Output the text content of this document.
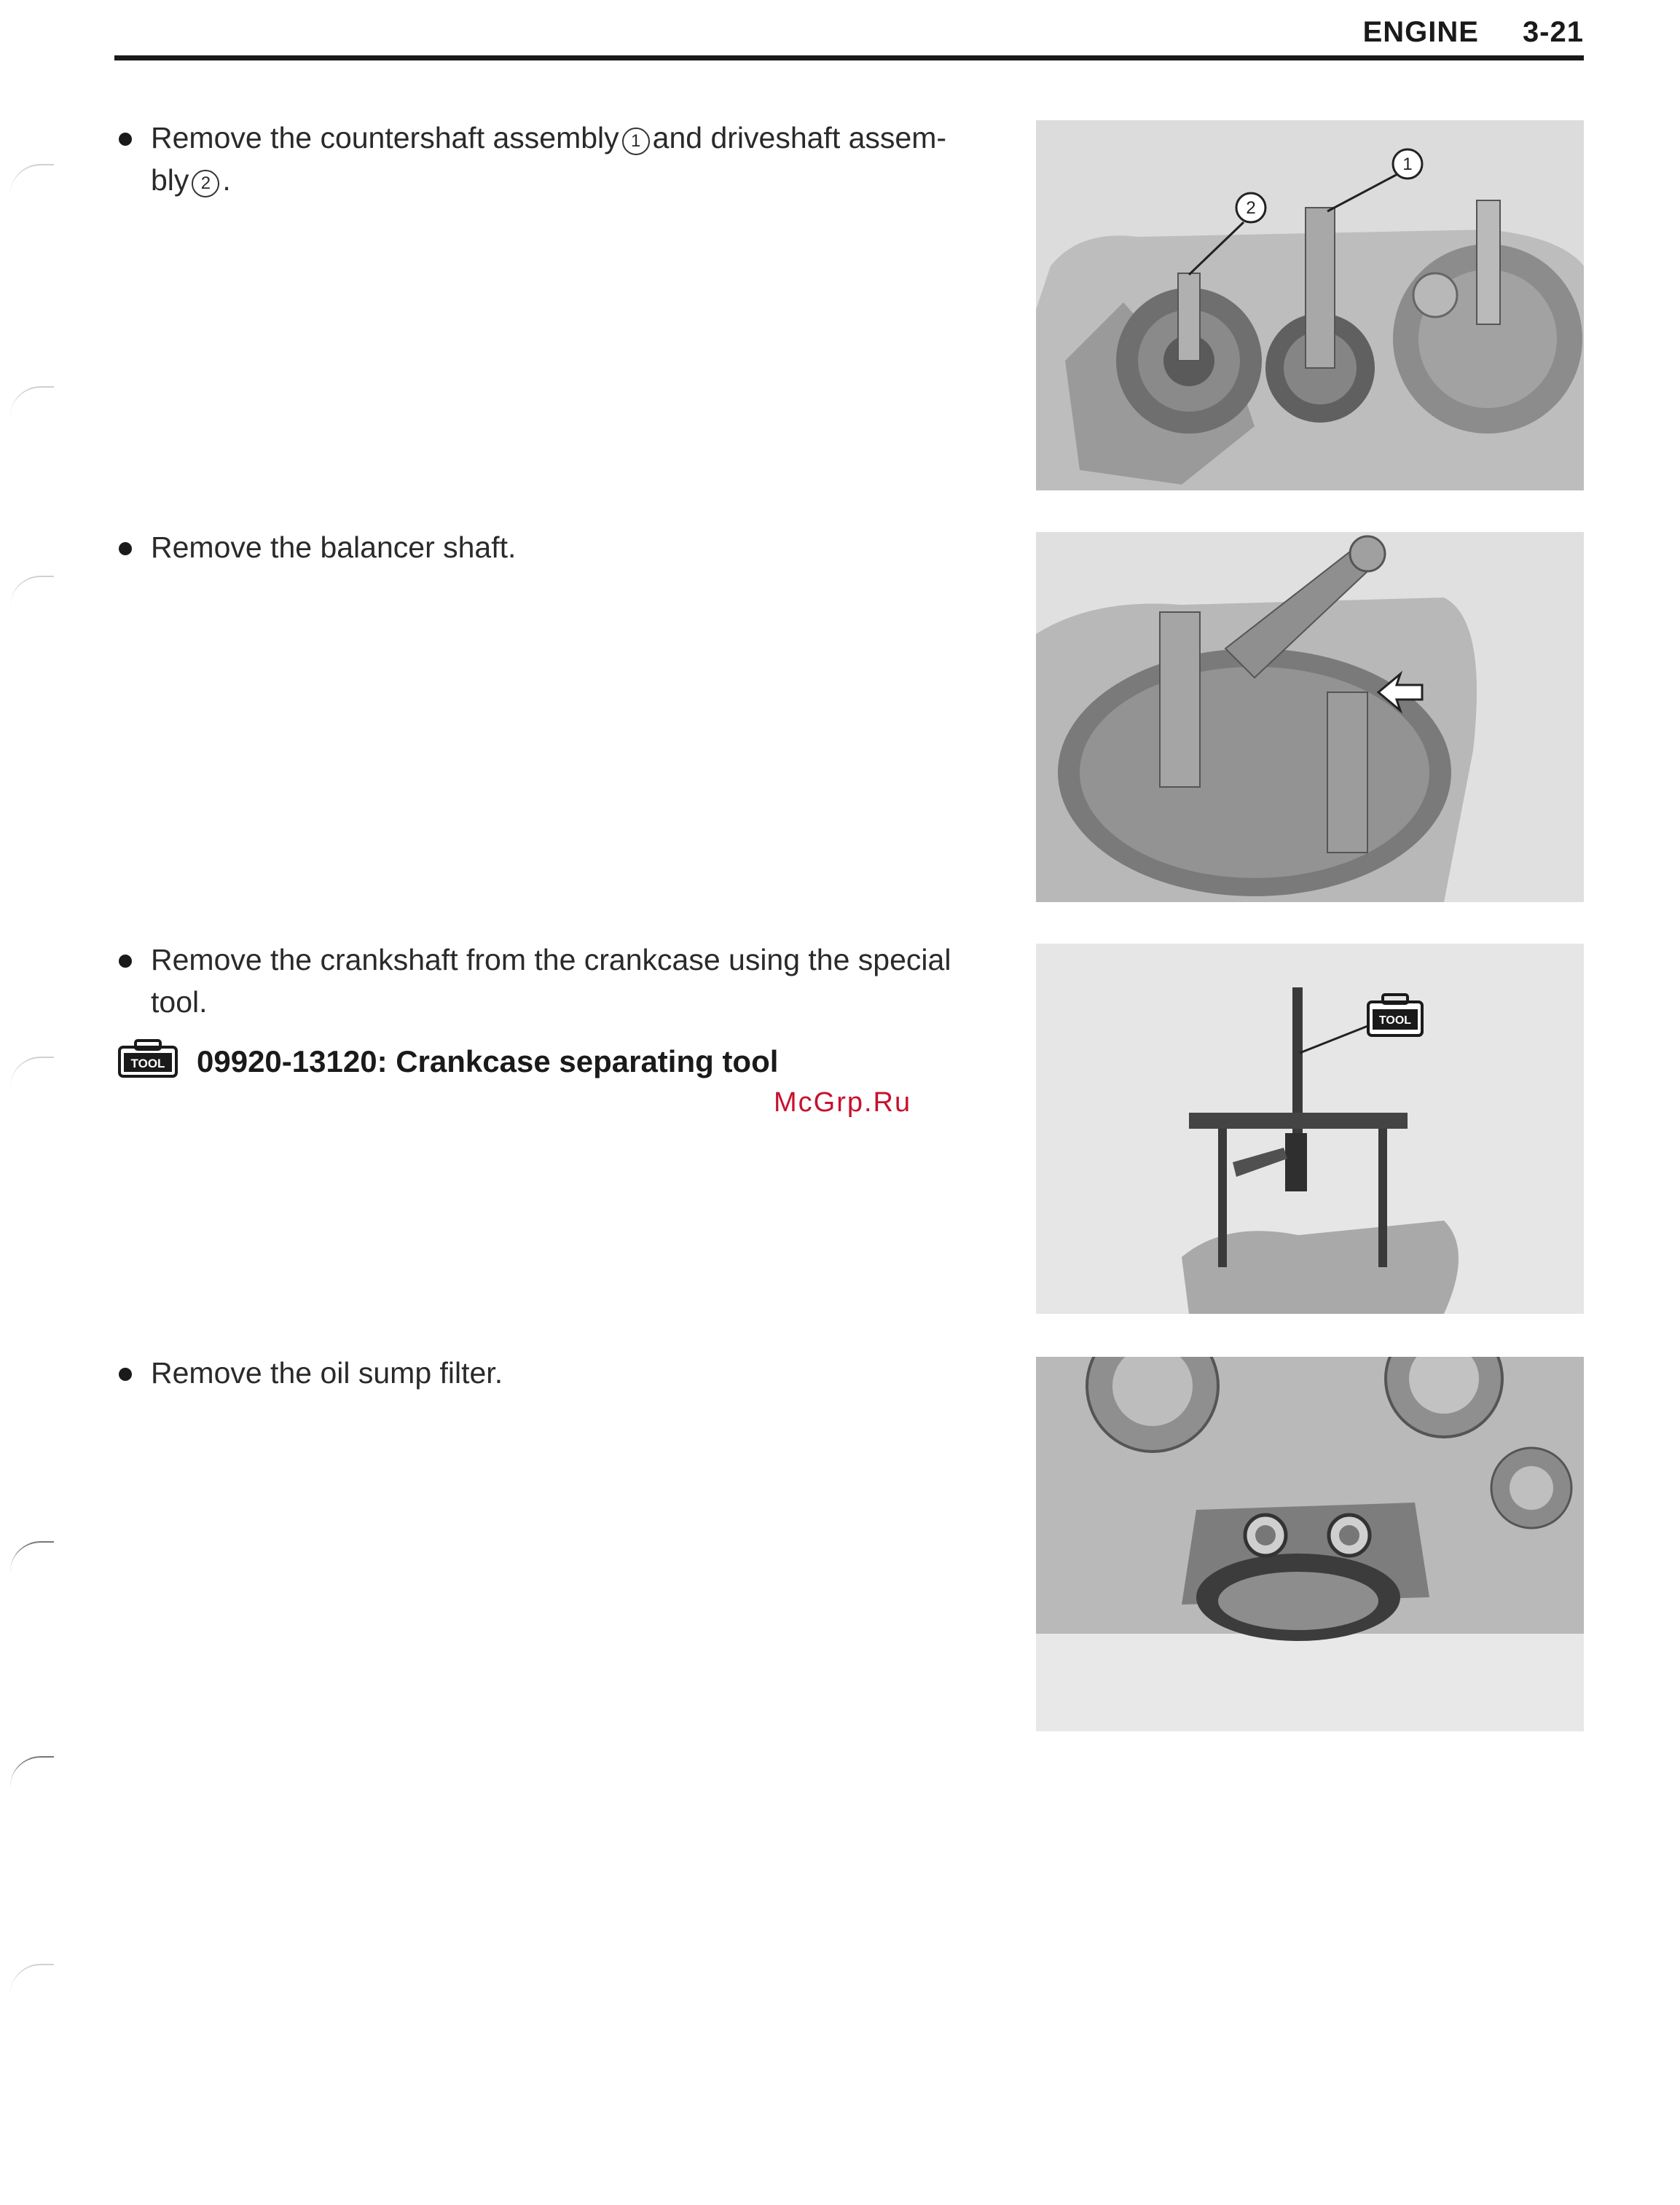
ENGINE 3-21
Remove the countershaft assembly 1 and driveshaft assem-
bly 2 .
Remove the balancer shaft.
Remove the crankshaft from the crankcase using the special
tool.
TOOL 09920-13120: Crankcase separating tool
McGrp.Ru
Remove the oil sump filter.
1
2
TOOL
